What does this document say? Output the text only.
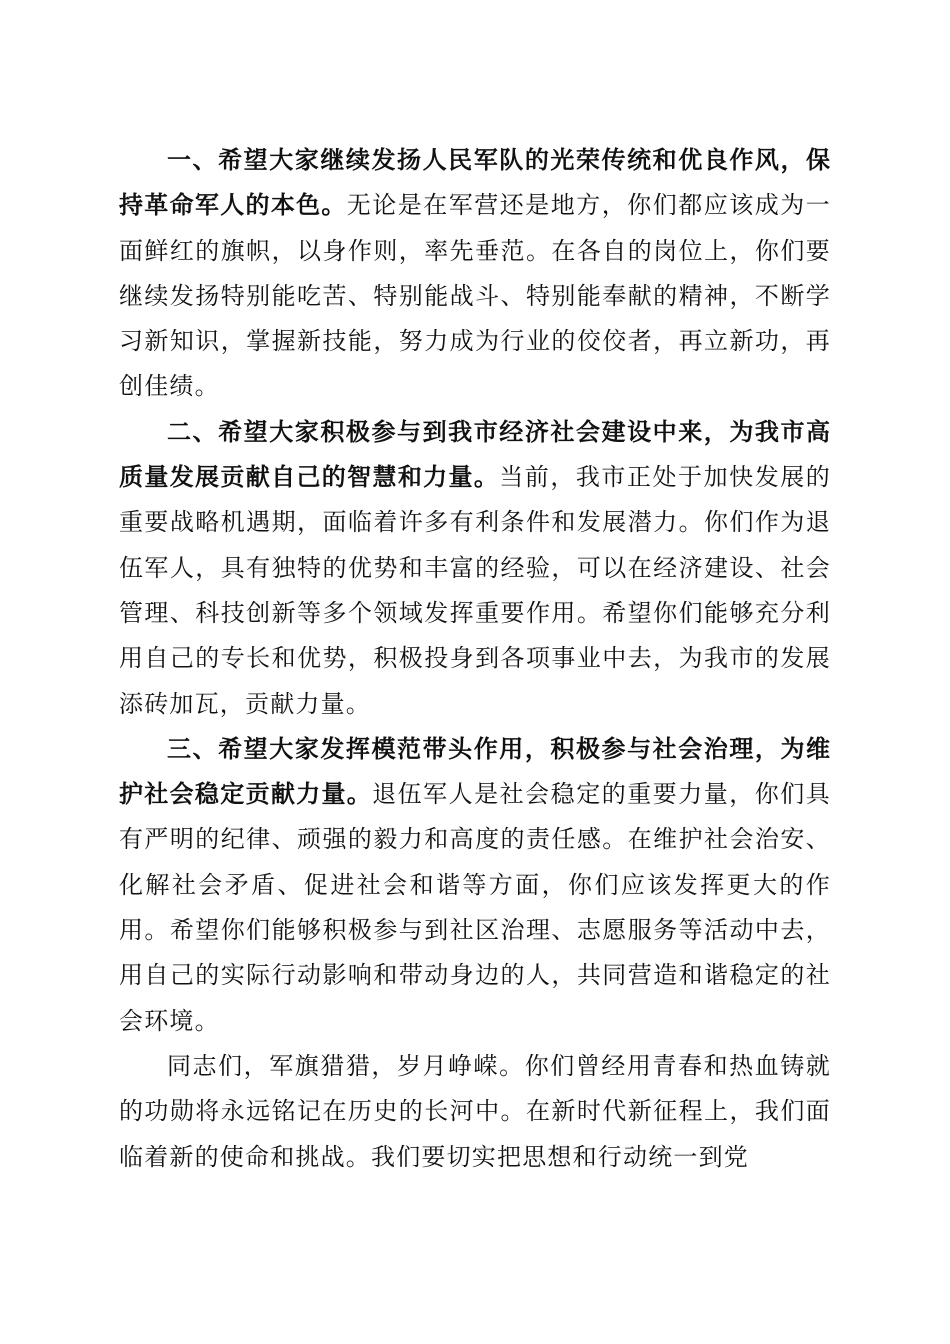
一、希望大家继续发扬人民军队的光荣传统和优良作风，保持革命军人的本色。无论是在军营还是地方，你们都应该成为一面鲜红的旗帜，以身作则，率先垂范。在各自的岗位上，你们要继续发扬特别能吃苦、特别能战斗、特别能奉献的精神，不断学习新知识，掌握新技能，努力成为行业的佼佼者，再立新功，再创佳绩。

二、希望大家积极参与到我市经济社会建设中来，为我市高质量发展贡献自己的智慧和力量。当前，我市正处于加快发展的重要战略机遇期，面临着许多有利条件和发展潜力。你们作为退伍军人，具有独特的优势和丰富的经验，可以在经济建设、社会管理、科技创新等多个领域发挥重要作用。希望你们能够充分利用自己的专长和优势，积极投身到各项事业中去，为我市的发展添砖加瓦，贡献力量。

三、希望大家发挥模范带头作用，积极参与社会治理，为维护社会稳定贡献力量。退伍军人是社会稳定的重要力量，你们具有严明的纪律、顽强的毅力和高度的责任感。在维护社会治安、化解社会矛盾、促进社会和谐等方面，你们应该发挥更大的作用。希望你们能够积极参与到社区治理、志愿服务等活动中去，用自己的实际行动影响和带动身边的人，共同营造和谐稳定的社会环境。

同志们，军旗猎猎，岁月峥嵘。你们曾经用青春和热血铸就的功勋将永远铭记在历史的长河中。在新时代新征程上，我们面临着新的使命和挑战。我们要切实把思想和行动统一到党
